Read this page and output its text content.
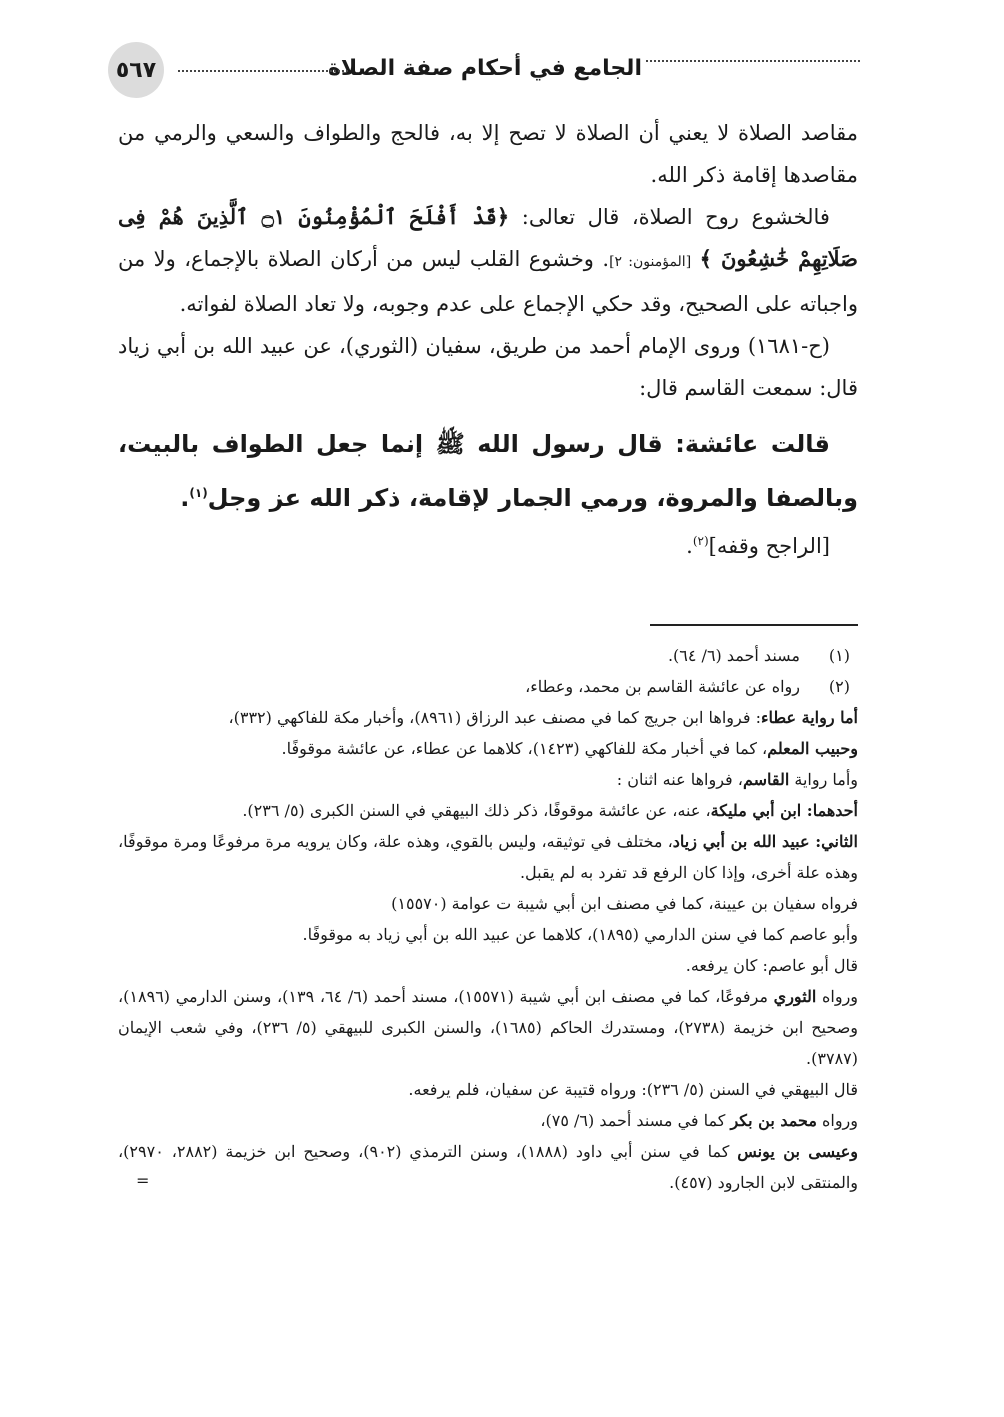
الجامع في أحكام صفة الصلاة
٥٦٧

مقاصد الصلاة لا يعني أن الصلاة لا تصح إلا به، فالحج والطواف والسعي والرمي من مقاصدها إقامة ذكر الله.

فالخشوع روح الصلاة، قال تعالى: ﴿قَدْ أَفْلَحَ ٱلْمُؤْمِنُونَ ۝١ ٱلَّذِينَ هُمْ فِى صَلَاتِهِمْ خَٰشِعُونَ ﴾ [المؤمنون: ٢]. وخشوع القلب ليس من أركان الصلاة بالإجماع، ولا من واجباته على الصحيح، وقد حكي الإجماع على عدم وجوبه، ولا تعاد الصلاة لفواته.

(ح-١٦٨١) وروى الإمام أحمد من طريق، سفيان (الثوري)، عن عبيد الله بن أبي زياد قال: سمعت القاسم قال:

قالت عائشة: قال رسول الله ﷺ إنما جعل الطواف بالبيت، وبالصفا والمروة، ورمي الجمار لإقامة، ذكر الله عز وجل$^{(١)}$.

[الراجح وقفه]$^{(٢)}$.

(١)
مسند أحمد (٦/ ٦٤).

(٢)
رواه عن عائشة القاسم بن محمد، وعطاء،

أما رواية عطاء: فرواها ابن جريج كما في مصنف عبد الرزاق (٨٩٦١)، وأخبار مكة للفاكهي (٣٣٢)،

وحبيب المعلم، كما في أخبار مكة للفاكهي (١٤٢٣)، كلاهما عن عطاء، عن عائشة موقوفًا.

وأما رواية القاسم، فرواها عنه اثنان :

أحدهما: ابن أبي مليكة، عنه، عن عائشة موقوفًا، ذكر ذلك البيهقي في السنن الكبرى (٥/ ٢٣٦).

الثاني: عبيد الله بن أبي زياد، مختلف في توثيقه، وليس بالقوي، وهذه علة، وكان يرويه مرة مرفوعًا ومرة موقوفًا، وهذه علة أخرى، وإذا كان الرفع قد تفرد به لم يقبل.

فرواه سفيان بن عيينة، كما في مصنف ابن أبي شيبة ت عوامة (١٥٥٧٠)

وأبو عاصم كما في سنن الدارمي (١٨٩٥)، كلاهما عن عبيد الله بن أبي زياد به موقوفًا.

قال أبو عاصم: كان يرفعه.

ورواه الثوري مرفوعًا، كما في مصنف ابن أبي شيبة (١٥٥٧١)، مسند أحمد (٦/ ٦٤، ١٣٩)، وسنن الدارمي (١٨٩٦)، وصحيح ابن خزيمة (٢٧٣٨)، ومستدرك الحاكم (١٦٨٥)، والسنن الكبرى للبيهقي (٥/ ٢٣٦)، وفي شعب الإيمان (٣٧٨٧).

قال البيهقي في السنن (٥/ ٢٣٦): ورواه قتيبة عن سفيان، فلم يرفعه.

ورواه محمد بن بكر كما في مسند أحمد (٦/ ٧٥)،

وعيسى بن يونس كما في سنن أبي داود (١٨٨٨)، وسنن الترمذي (٩٠٢)، وصحيح ابن خزيمة (٢٨٨٢، ٢٩٧٠)، والمنتقى لابن الجارود (٤٥٧).
=
